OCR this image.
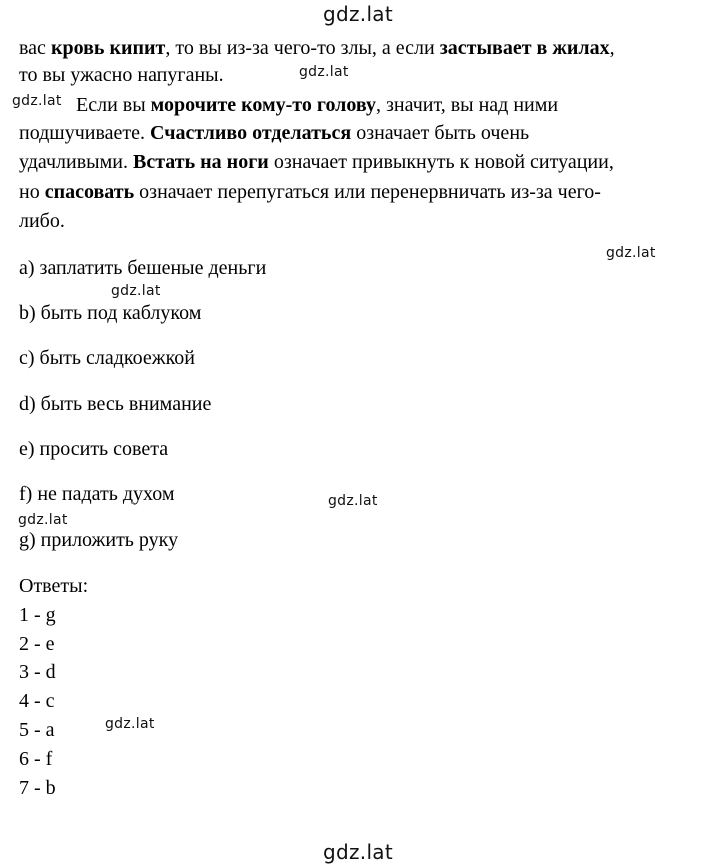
gdz.lat
gdz.lat
gdz.lat
gdz.lat
gdz.lat
gdz.lat
gdz.lat
gdz.lat
gdz.lat
вас кровь кипит, то вы из-за чего-то злы, а если застывает в жилах,
то вы ужасно напуганы.
Если вы морочите кому-то голову, значит, вы над ними
подшучиваете. Счастливо отделаться означает быть очень
удачливыми. Встать на ноги означает привыкнуть к новой ситуации,
но спасовать означает перепугаться или перенервничать из-за чего-
либо.
a) заплатить бешеные деньги
b) быть под каблуком
c) быть сладкоежкой
d) быть весь внимание
e) просить совета
f) не падать духом
g) приложить руку
Ответы:
1 - g
2 - e
3 - d
4 - c
5 - a
6 - f
7 - b
